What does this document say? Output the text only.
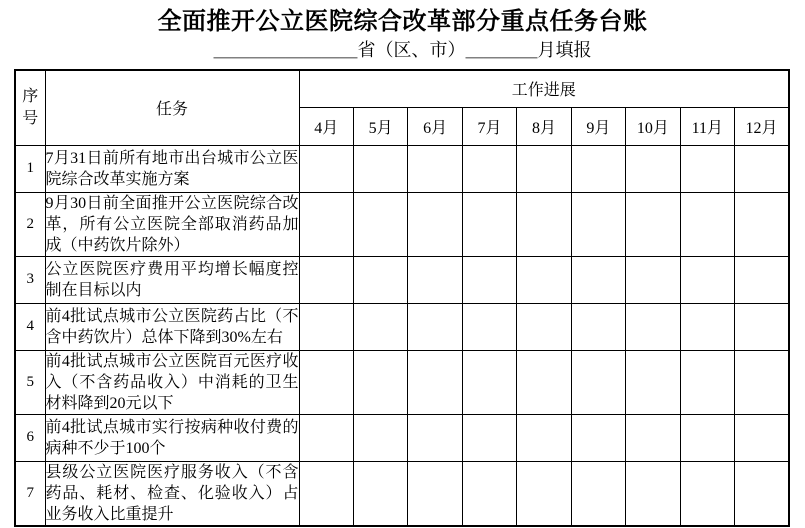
全面推开公立医院综合改革部分重点任务台账
＿＿＿＿＿＿＿＿省（区、市）＿＿＿＿月填报
序号	任务	工作进展								
		4月	5月	6月	7月	8月	9月	10月	11月	12月
1	7月31日前所有地市出台城市公立医院综合改革实施方案									
2	9月30日前全面推开公立医院综合改革，所有公立医院全部取消药品加成（中药饮片除外）									
3	公立医院医疗费用平均增长幅度控制在目标以内									
4	前4批试点城市公立医院药占比（不含中药饮片）总体下降到30%左右									
5	前4批试点城市公立医院百元医疗收入（不含药品收入）中消耗的卫生材料降到20元以下									
6	前4批试点城市实行按病种收付费的病种不少于100个									
7	县级公立医院医疗服务收入（不含药品、耗材、检查、化验收入）占业务收入比重提升									
